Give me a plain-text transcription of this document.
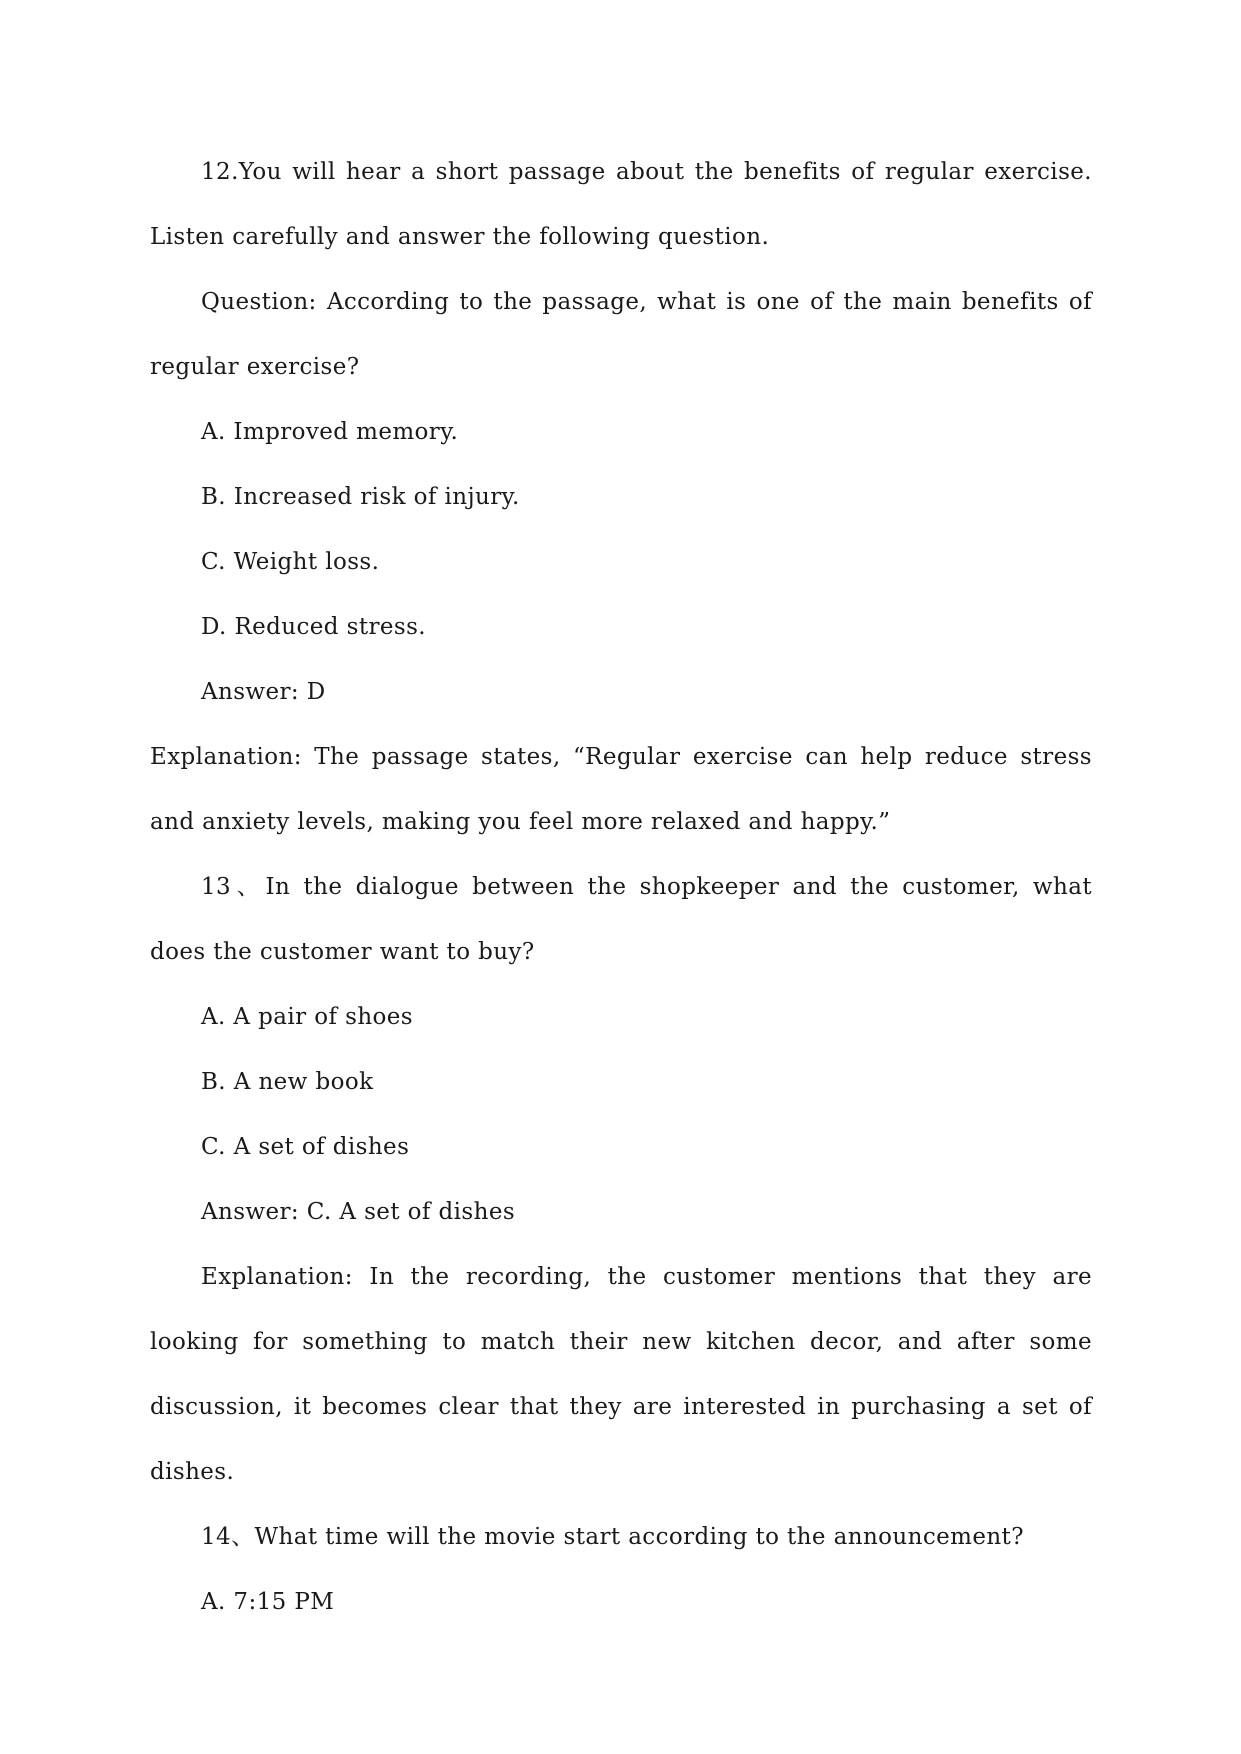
12.You will hear a short passage about the benefits of regular exercise. Listen carefully and answer the following question.

Question: According to the passage, what is one of the main benefits of regular exercise?

A. Improved memory.

B. Increased risk of injury.

C. Weight loss.

D. Reduced stress.

Answer: D

Explanation: The passage states, “Regular exercise can help reduce stress and anxiety levels, making you feel more relaxed and happy.”

13、In the dialogue between the shopkeeper and the customer, what does the customer want to buy?

A. A pair of shoes

B. A new book

C. A set of dishes

Answer: C. A set of dishes

Explanation: In the recording, the customer mentions that they are looking for something to match their new kitchen decor, and after some discussion, it becomes clear that they are interested in purchasing a set of dishes.

14、What time will the movie start according to the announcement?

A. 7:15 PM
